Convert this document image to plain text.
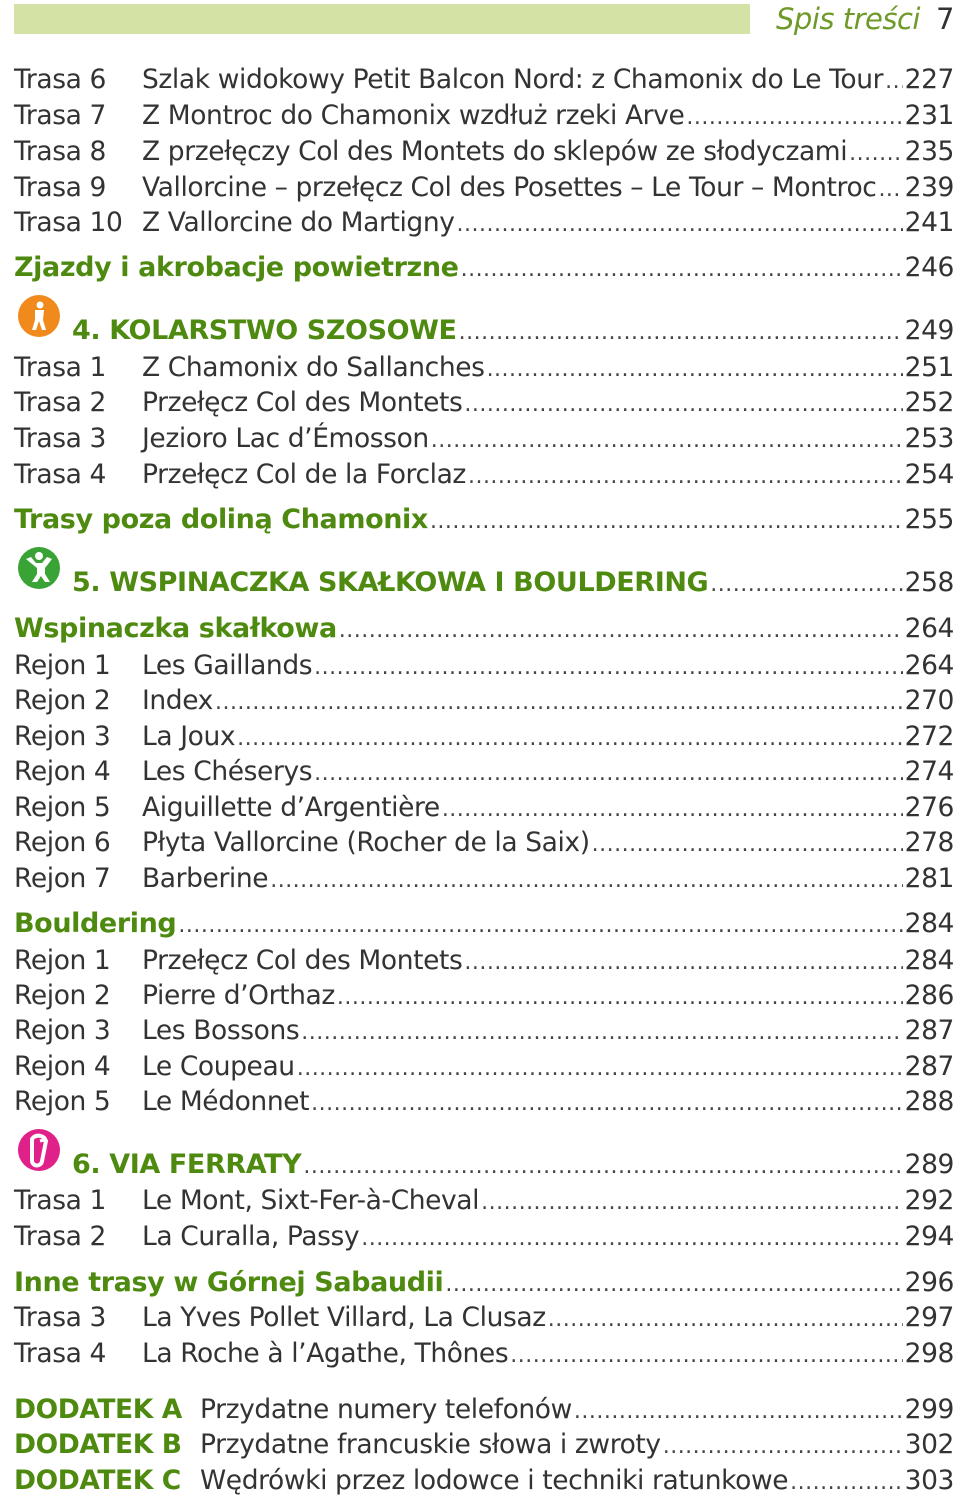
Spis treści 7
Trasa 6	Szlak widokowy Petit Balcon Nord: z Chamonix do Le Tour ..... 227
Trasa 7	Z Montroc do Chamonix wzdłuż rzeki Arve .....	231
Trasa 8	Z przełęczy Col des Montets do sklepów ze słodyczami ..... 235
Trasa 9	Vallorcine – przełęcz Col des Posettes – Le Tour – Montroc ..... 239
Trasa 10 Z Vallorcine do Martigny .....	241
Zjazdy i akrobacje powietrzne .....	246
4. KOLARSTWO SZOSOWE .....	249
Trasa 1	Z Chamonix do Sallanches .....	251
Trasa 2	Przełęcz Col des Montets .....	252
Trasa 3	Jezioro Lac d’Émosson .....	253
Trasa 4	Przełęcz Col de la Forclaz .....	254
Trasy poza doliną Chamonix .....	255
5. WSPINACZKA SKAŁKOWA I BOULDERING .....	258
Wspinaczka skałkowa .....	264
Rejon 1	Les Gaillands .....	264
Rejon 2	Index .....	270
Rejon 3	La Joux .....	272
Rejon 4	Les Chéserys .....	274
Rejon 5	Aiguillette d’Argentière .....	276
Rejon 6	Płyta Vallorcine (Rocher de la Saix) .....	278
Rejon 7	Barberine .....	281
Bouldering .....	284
Rejon 1	Przełęcz Col des Montets .....	284
Rejon 2	Pierre d’Orthaz .....	286
Rejon 3	Les Bossons .....	287
Rejon 4	Le Coupeau .....	287
Rejon 5	Le Médonnet .....	288
6. VIA FERRATY .....	289
Trasa 1	Le Mont, Sixt-Fer-à-Cheval .....	292
Trasa 2	La Curalla, Passy .....	294
Inne trasy w Górnej Sabaudii .....	296
Trasa 3	La Yves Pollet Villard, La Clusaz .....	297
Trasa 4	La Roche à l’Agathe, Thônes .....	298
DODATEK A Przydatne numery telefonów .....	299
DODATEK B Przydatne francuskie słowa i zwroty .....	302
DODATEK C Wędrówki przez lodowce i techniki ratunkowe .....	303
